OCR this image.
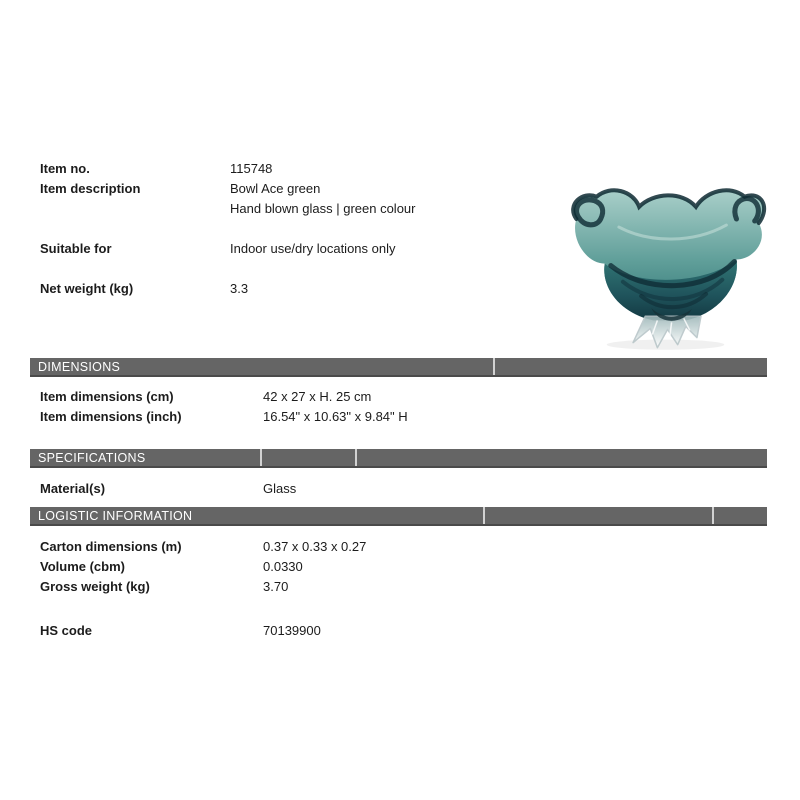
Item no.	115748
Item description	Bowl Ace green
Hand blown glass | green colour
Suitable for	Indoor use/dry locations only
Net weight (kg)	3.3
DIMENSIONS
Item dimensions (cm)	42 x 27 x H. 25 cm
Item dimensions (inch)	16.54" x 10.63" x 9.84" H
SPECIFICATIONS
Material(s)	Glass
LOGISTIC INFORMATION
Carton dimensions (m)	0.37 x 0.33 x 0.27
Volume (cbm)	0.0330
Gross weight (kg)	3.70
HS code	70139900
